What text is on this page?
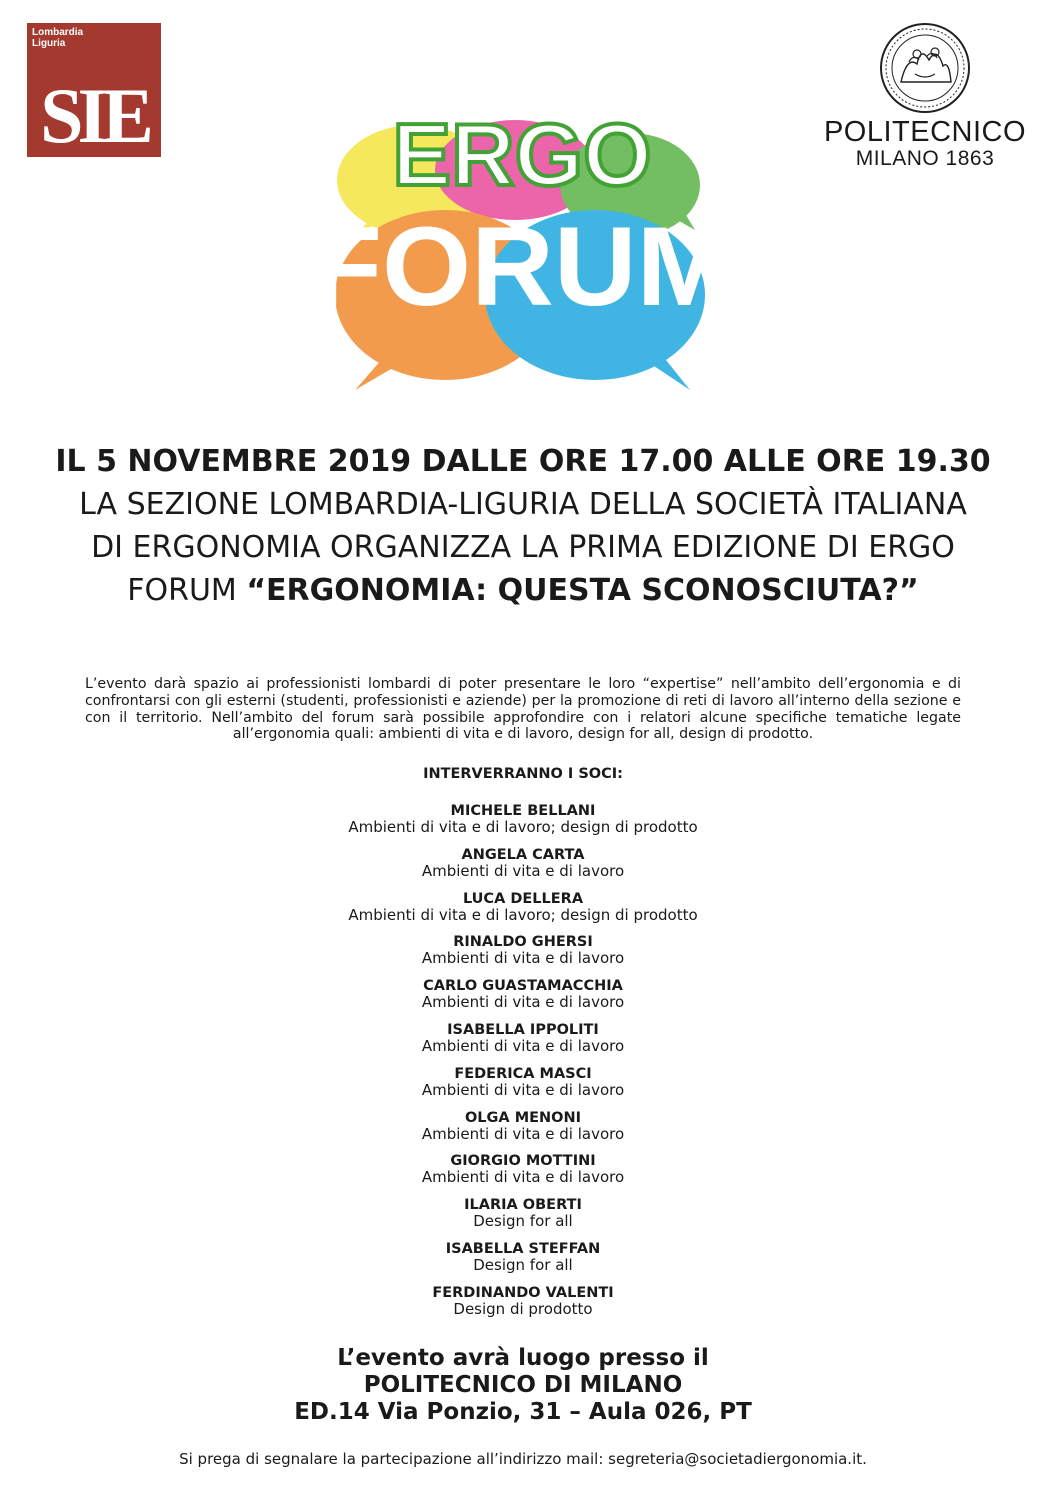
Lombardia
Liguria
SIE	POLITECNICO
MILANO 1863
ERGO
FORUM
IL 5 NOVEMBRE 2019 DALLE ORE 17.00 ALLE ORE 19.30
LA SEZIONE LOMBARDIA-LIGURIA DELLA SOCIETÀ ITALIANA
DI ERGONOMIA ORGANIZZA LA PRIMA EDIZIONE DI ERGO
FORUM “ERGONOMIA: QUESTA SCONOSCIUTA?”
L’evento darà spazio ai professionisti lombardi di poter presentare le loro “expertise” nell’ambito dell’ergonomia e di confrontarsi con gli esterni (studenti, professionisti e aziende) per la promozione di reti di lavoro all’interno della sezione e con il territorio. Nell’ambito del forum sarà possibile approfondire con i relatori alcune specifiche tematiche legate all’ergonomia quali: ambienti di vita e di lavoro, design for all, design di prodotto.
INTERVERRANNO I SOCI:
MICHELE BELLANI
Ambienti di vita e di lavoro; design di prodotto
ANGELA CARTA
Ambienti di vita e di lavoro
LUCA DELLERA
Ambienti di vita e di lavoro; design di prodotto
RINALDO GHERSI
Ambienti di vita e di lavoro
CARLO GUASTAMACCHIA
Ambienti di vita e di lavoro
ISABELLA IPPOLITI
Ambienti di vita e di lavoro
FEDERICA MASCI
Ambienti di vita e di lavoro
OLGA MENONI
Ambienti di vita e di lavoro
GIORGIO MOTTINI
Ambienti di vita e di lavoro
ILARIA OBERTI
Design for all
ISABELLA STEFFAN
Design for all
FERDINANDO VALENTI
Design di prodotto
L’evento avrà luogo presso il
POLITECNICO DI MILANO
ED.14 Via Ponzio, 31 – Aula 026, PT
Si prega di segnalare la partecipazione all’indirizzo mail: segreteria@societadiergonomia.it.
